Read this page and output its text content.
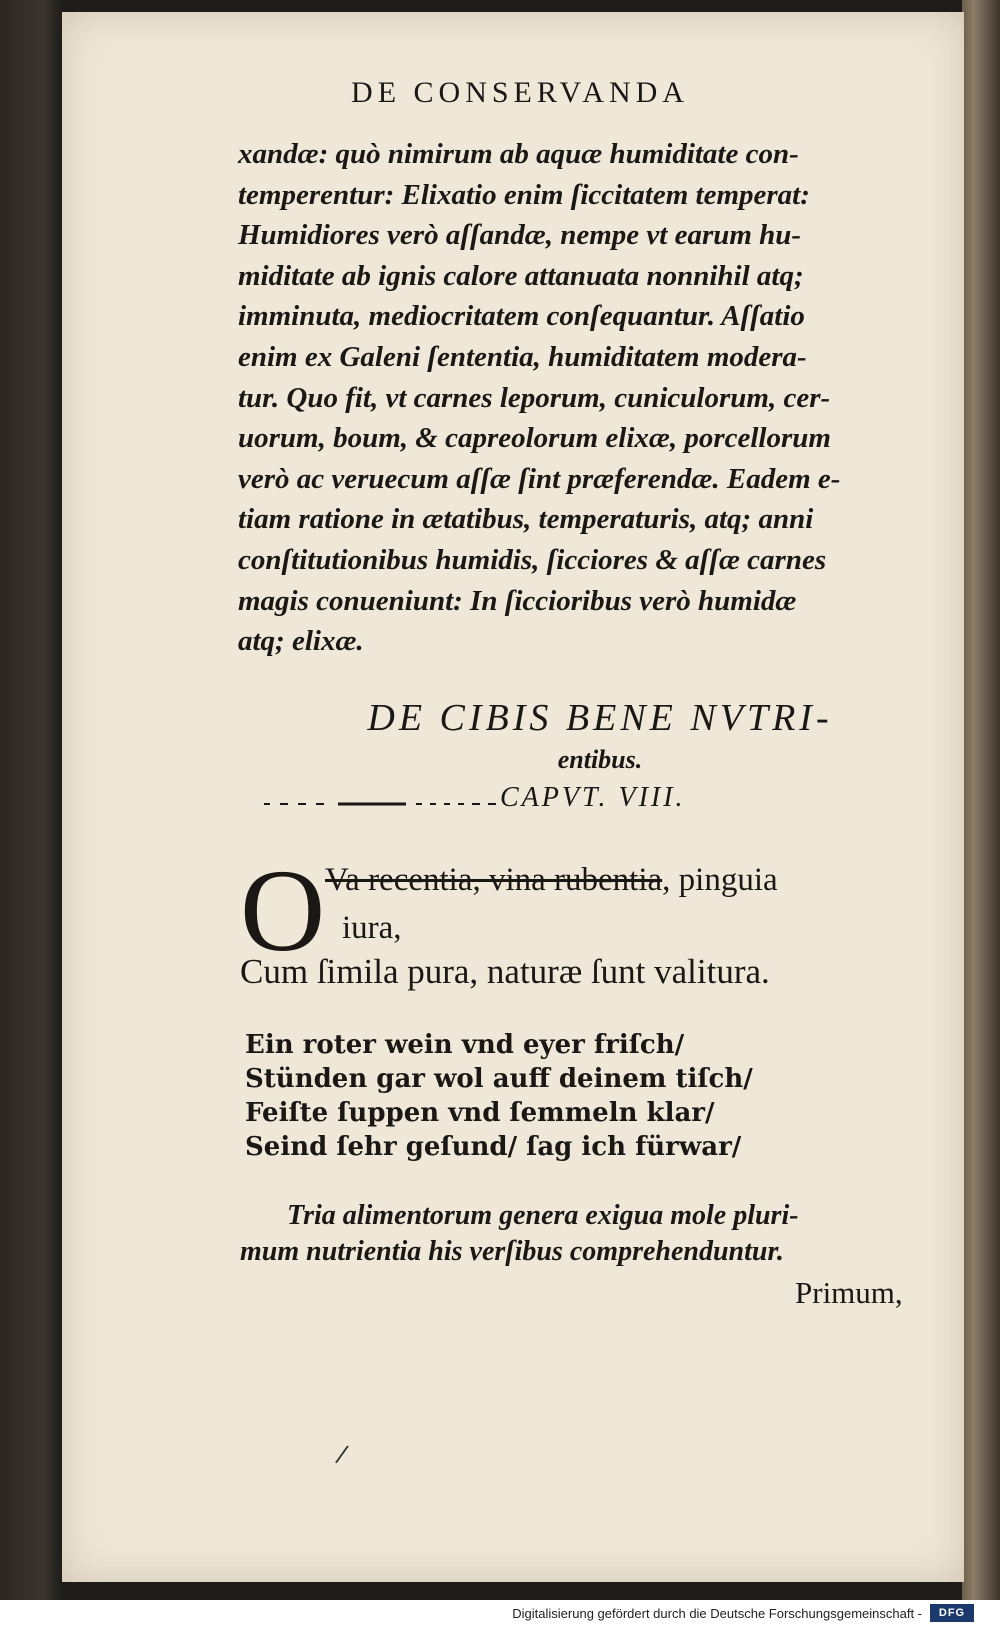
DE CONSERVANDA
xandæ: quò nimirum ab aquæ humiditate con-
temperentur: Elixatio enim ſiccitatem temperat:
Humidiores verò aſſandæ, nempe vt earum hu-
miditate ab ignis calore attanuata nonnihil atq;
imminuta, mediocritatem conſequantur. Aſſatio
enim ex Galeni ſententia, humiditatem modera-
tur. Quo fit, vt carnes leporum, cuniculorum, cer-
uorum, boum, & capreolorum elixæ, porcellorum
verò ac veruecum aſſæ ſint præferendæ. Eadem e-
tiam ratione in ætatibus, temperaturis, atq; anni
conſtitutionibus humidis, ſicciores & aſſæ carnes
magis conueniunt: In ſiccioribus verò humidæ
atq; elixæ.
DE CIBIS BENE NVTRI-
entibus.
CAPVT. VIII.
O Va recentia, vina rubentia, pinguia
iura,
Cum ſimila pura, naturæ ſunt valitura.
Ein roter wein vnd eyer friſch/
Stünden gar wol auff deinem tiſch/
Feiſte ſuppen vnd ſemmeln klar/
Seind ſehr geſund/ ſag ich fürwar/
Tria alimentorum genera exigua mole pluri-
mum nutrientia his verſibus comprehenduntur.
Primum,
/
Digitalisierung gefördert durch die Deutsche Forschungsgemeinschaft -	DFG
